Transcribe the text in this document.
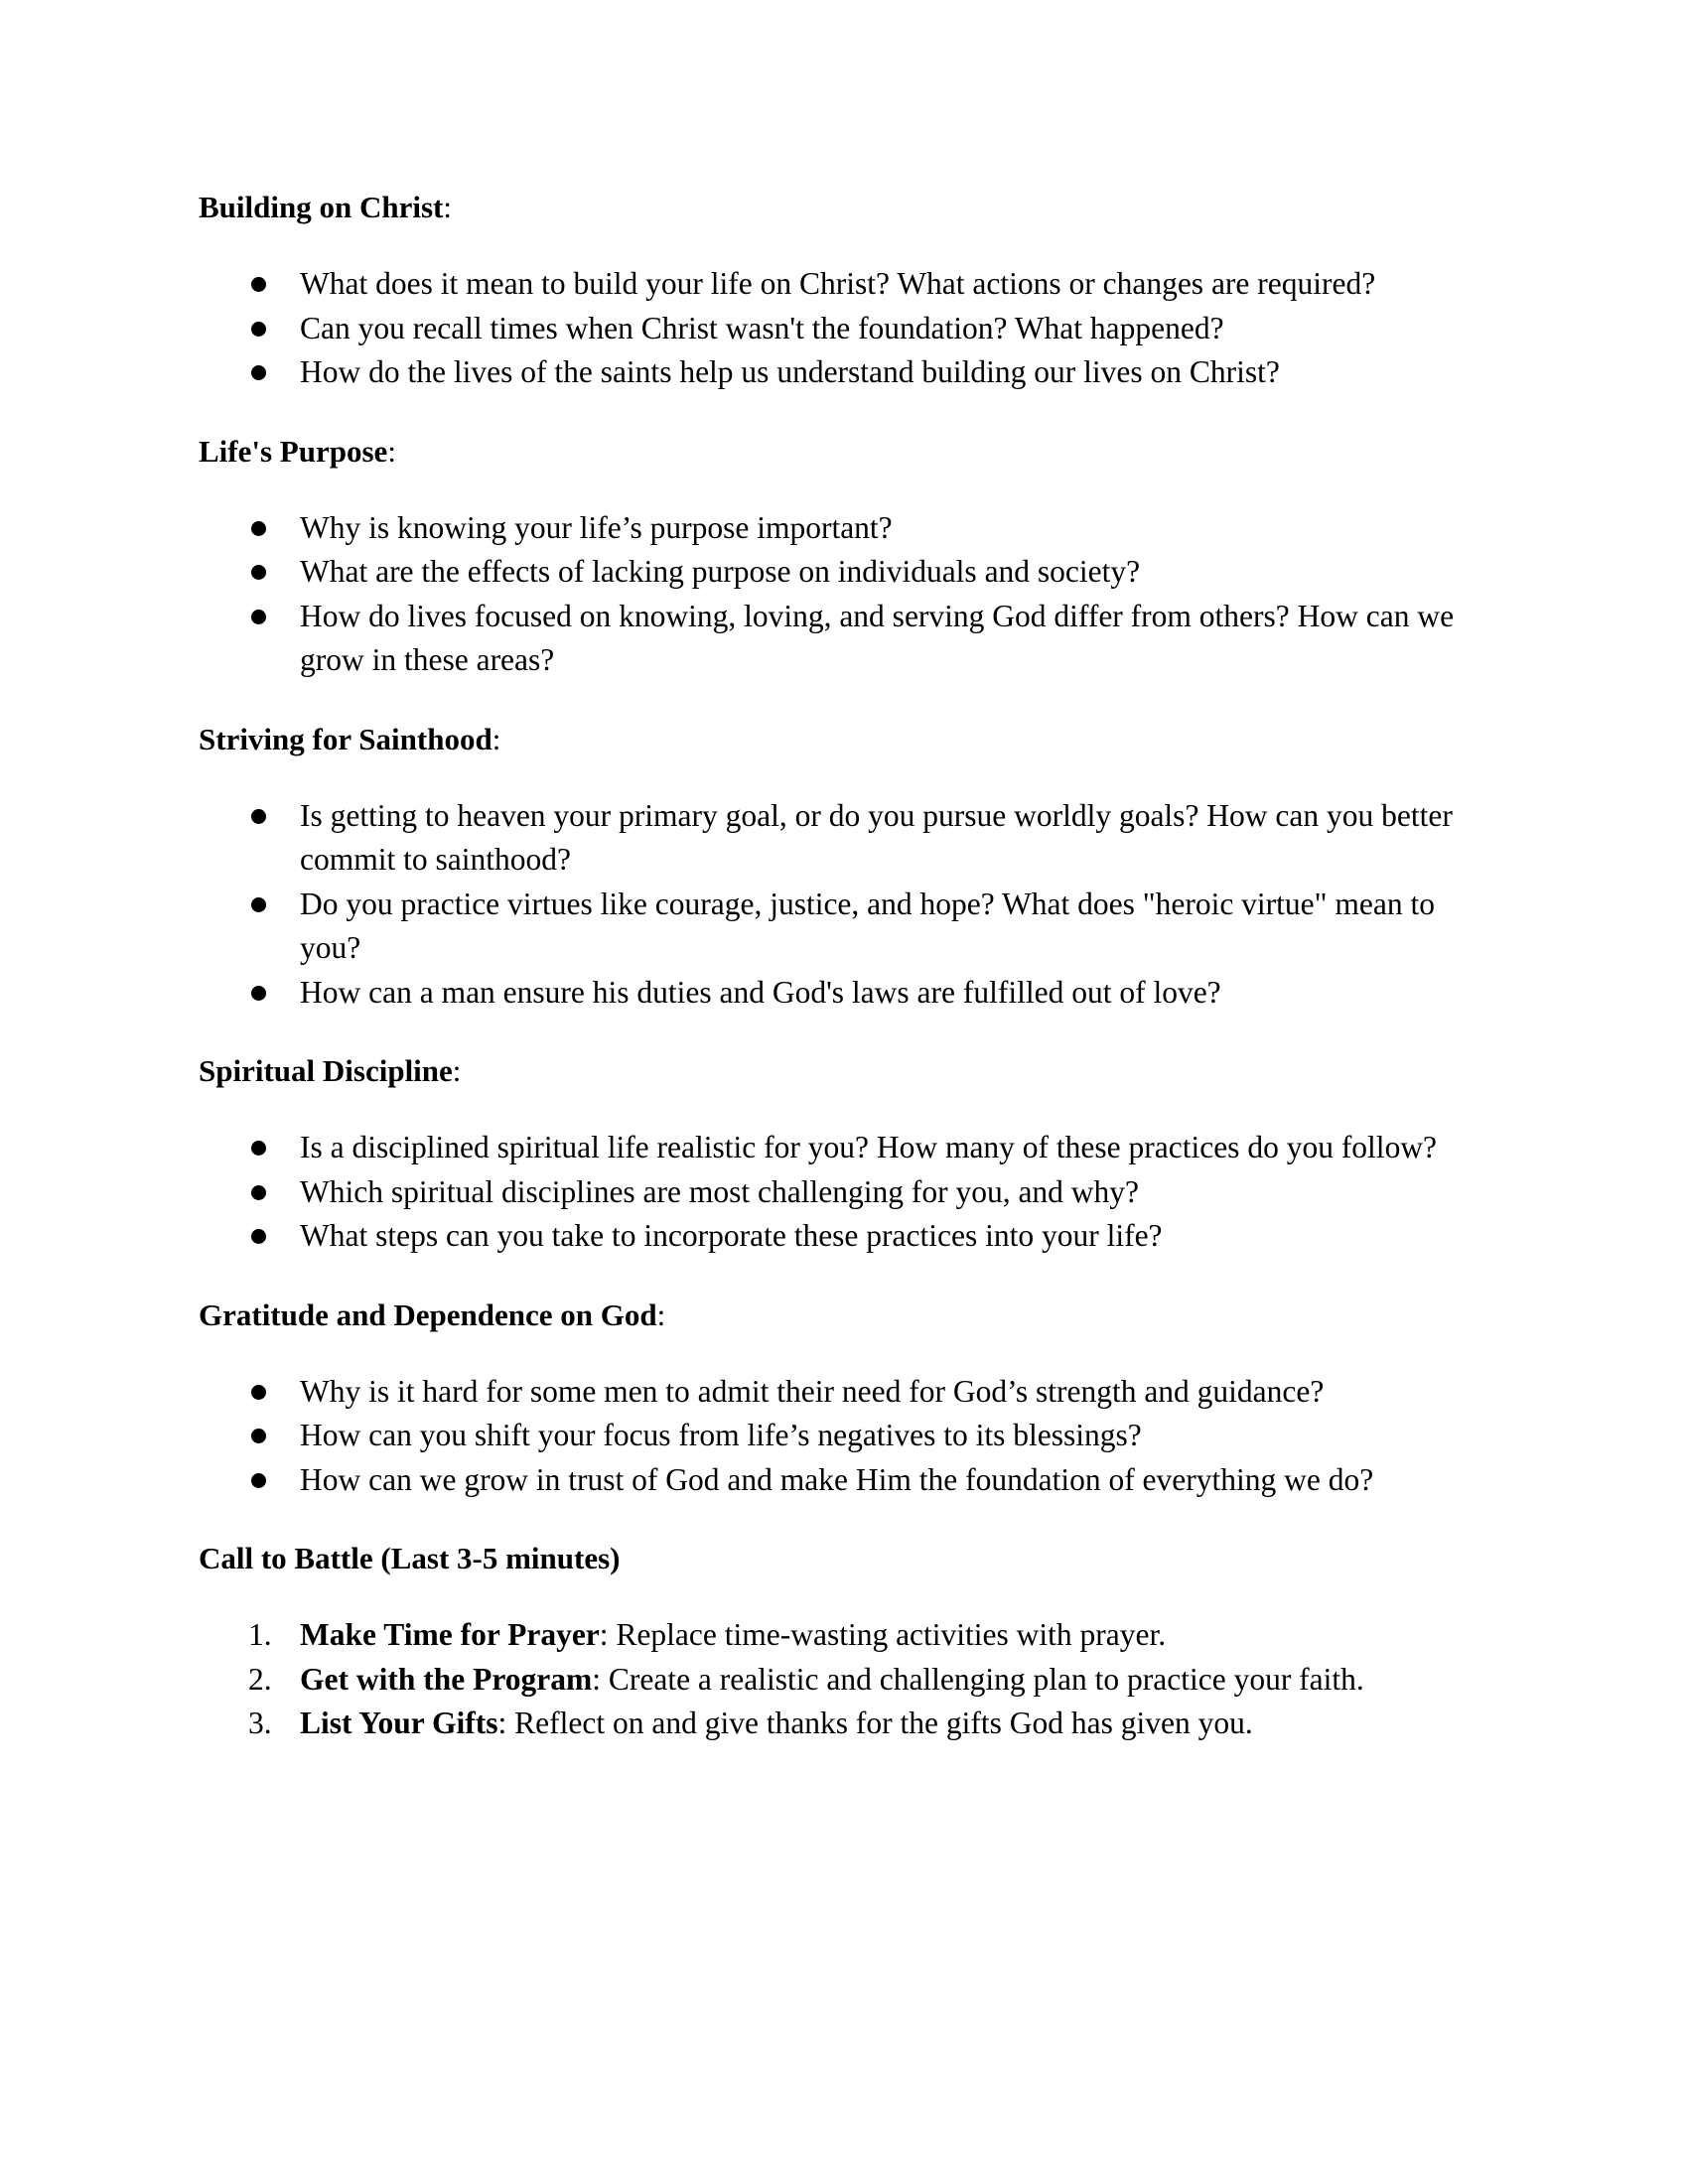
Building on Christ:
What does it mean to build your life on Christ? What actions or changes are required?
Can you recall times when Christ wasn't the foundation? What happened?
How do the lives of the saints help us understand building our lives on Christ?
Life's Purpose:
Why is knowing your life’s purpose important?
What are the effects of lacking purpose on individuals and society?
How do lives focused on knowing, loving, and serving God differ from others? How can we grow in these areas?
Striving for Sainthood:
Is getting to heaven your primary goal, or do you pursue worldly goals? How can you better commit to sainthood?
Do you practice virtues like courage, justice, and hope? What does "heroic virtue" mean to you?
How can a man ensure his duties and God's laws are fulfilled out of love?
Spiritual Discipline:
Is a disciplined spiritual life realistic for you? How many of these practices do you follow?
Which spiritual disciplines are most challenging for you, and why?
What steps can you take to incorporate these practices into your life?
Gratitude and Dependence on God:
Why is it hard for some men to admit their need for God’s strength and guidance?
How can you shift your focus from life’s negatives to its blessings?
How can we grow in trust of God and make Him the foundation of everything we do?
Call to Battle (Last 3-5 minutes)
1. Make Time for Prayer: Replace time-wasting activities with prayer.
2. Get with the Program: Create a realistic and challenging plan to practice your faith.
3. List Your Gifts: Reflect on and give thanks for the gifts God has given you.
